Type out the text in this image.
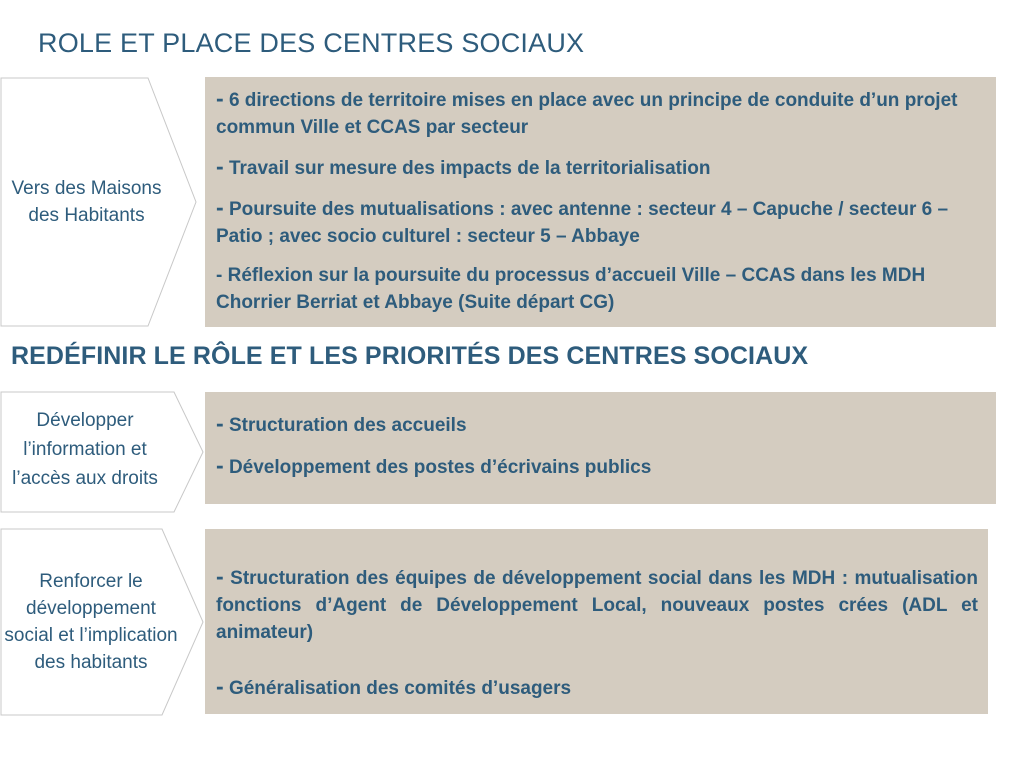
ROLE ET PLACE DES CENTRES SOCIAUX
Vers des Maisons des Habitants

- 6 directions de territoire mises en place avec un principe de conduite d’un projet commun Ville et CCAS par secteur

- Travail sur mesure des impacts de la territorialisation

- Poursuite des mutualisations : avec antenne : secteur 4 – Capuche / secteur 6 – Patio ; avec socio culturel : secteur 5 – Abbaye

- Réflexion sur la poursuite du processus d’accueil Ville – CCAS dans les MDH Chorrier Berriat et Abbaye (Suite départ CG)

REDÉFINIR LE RÔLE ET LES PRIORITÉS DES CENTRES SOCIAUX
Développer l’information et l’accès aux droits

- Structuration des accueils

- Développement des postes d’écrivains publics

Renforcer le développement social et l’implication des habitants

- Structuration des équipes de développement social dans les MDH : mutualisation fonctions d’Agent de Développement Local, nouveaux postes crées (ADL et animateur)

- Généralisation des comités d’usagers
